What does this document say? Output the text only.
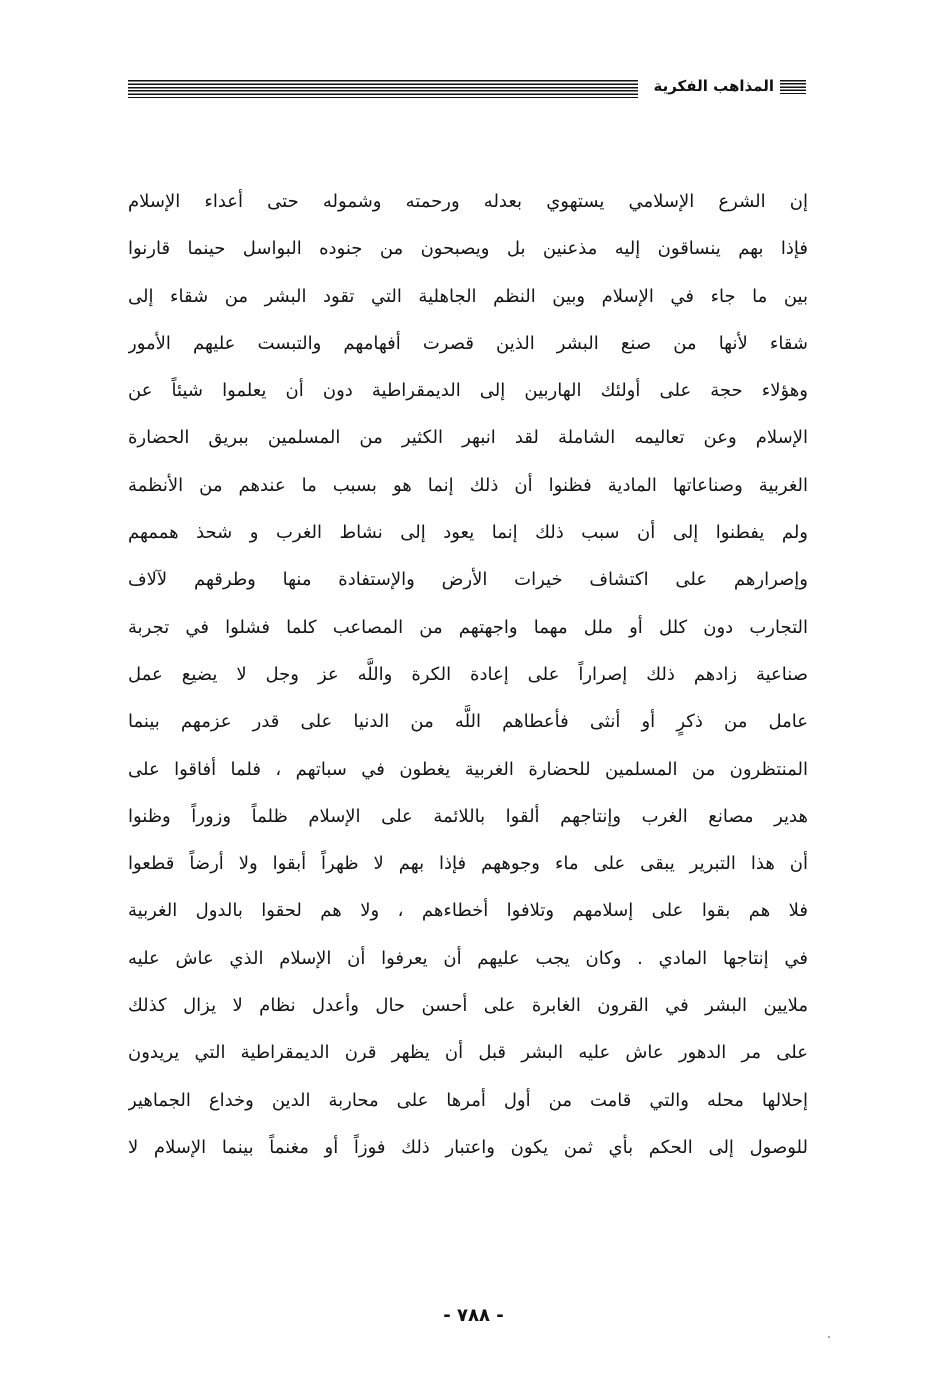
المذاهب الفكرية
إن الشرع الإسلامي يستهوي بعدله ورحمته وشموله حتى أعداء الإسلام
فإذا بهم ينساقون إليه مذعنين بل ويصبحون من جنوده البواسل حينما قارنوا
بين ما جاء في الإسلام وبين النظم الجاهلية التي تقود البشر من شقاء إلى
شقاء لأنها من صنع البشر الذين قصرت أفهامهم والتبست عليهم الأمور
وهؤلاء حجة على أولئك الهاربين إلى الديمقراطية دون أن يعلموا شيئاً عن
الإسلام وعن تعاليمه الشاملة لقد انبهر الكثير من المسلمين ببريق الحضارة
الغربية وصناعاتها المادية فظنوا أن ذلك إنما هو بسبب ما عندهم من الأنظمة
ولم يفطنوا إلى أن سبب ذلك إنما يعود إلى نشاط الغرب و شحذ هممهم
وإصرارهم على اكتشاف خيرات الأرض والإستفادة منها وطرقهم لآلاف
التجارب دون كلل أو ملل مهما واجهتهم من المصاعب كلما فشلوا في تجربة
صناعية زادهم ذلك إصراراً على إعادة الكرة واللَّه عز وجل لا يضيع عمل
عامل من ذكرٍ أو أنثى فأعطاهم اللَّه من الدنيا على قدر عزمهم بينما
المنتظرون من المسلمين للحضارة الغربية يغطون في سباتهم ، فلما أفاقوا على
هدير مصانع الغرب وإنتاجهم ألقوا باللائمة على الإسلام ظلماً وزوراً وظنوا
أن هذا التبرير يبقى على ماء وجوههم فإذا بهم لا ظهراً أبقوا ولا أرضاً قطعوا
فلا هم بقوا على إسلامهم وتلافوا أخطاءهم ، ولا هم لحقوا بالدول الغربية
في إنتاجها المادي . وكان يجب عليهم أن يعرفوا أن الإسلام الذي عاش عليه
ملايين البشر في القرون الغابرة على أحسن حال وأعدل نظام لا يزال كذلك
على مر الدهور عاش عليه البشر قبل أن يظهر قرن الديمقراطية التي يريدون
إحلالها محله والتي قامت من أول أمرها على محاربة الدين وخداع الجماهير
للوصول إلى الحكم بأي ثمن يكون واعتبار ذلك فوزاً أو مغنماً بينما الإسلام لا
- ٧٨٨ -
